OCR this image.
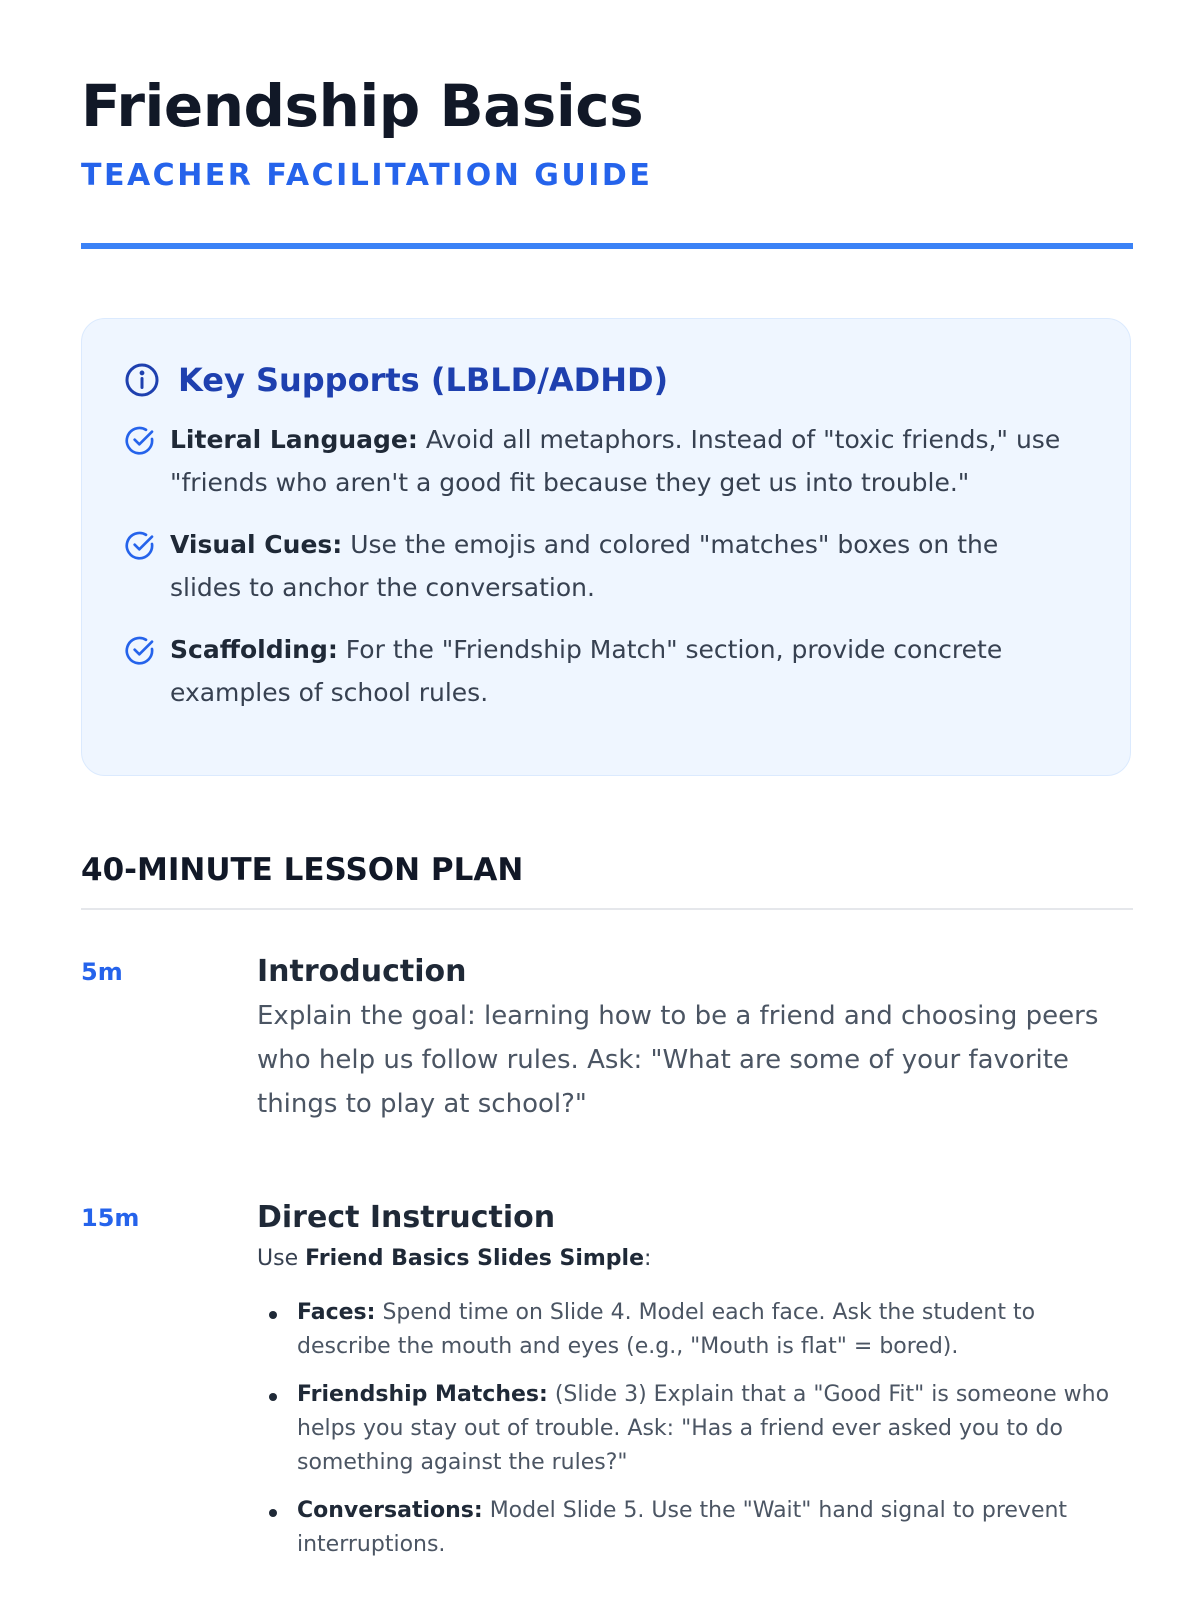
Friendship Basics
TEACHER FACILITATION GUIDE
Key Supports (LBLD/ADHD)
Literal Language: Avoid all metaphors. Instead of "toxic friends," use "friends who aren't a good fit because they get us into trouble."
Visual Cues: Use the emojis and colored "matches" boxes on the slides to anchor the conversation.
Scaffolding: For the "Friendship Match" section, provide concrete examples of school rules.
40-MINUTE LESSON PLAN
5m	Introduction
Explain the goal: learning how to be a friend and choosing peers who help us follow rules. Ask: "What are some of your favorite things to play at school?"
15m	Direct Instruction
Use Friend Basics Slides Simple:
Faces: Spend time on Slide 4. Model each face. Ask the student to describe the mouth and eyes (e.g., "Mouth is flat" = bored).
Friendship Matches: (Slide 3) Explain that a "Good Fit" is someone who helps you stay out of trouble. Ask: "Has a friend ever asked you to do something against the rules?"
Conversations: Model Slide 5. Use the "Wait" hand signal to prevent interruptions.
